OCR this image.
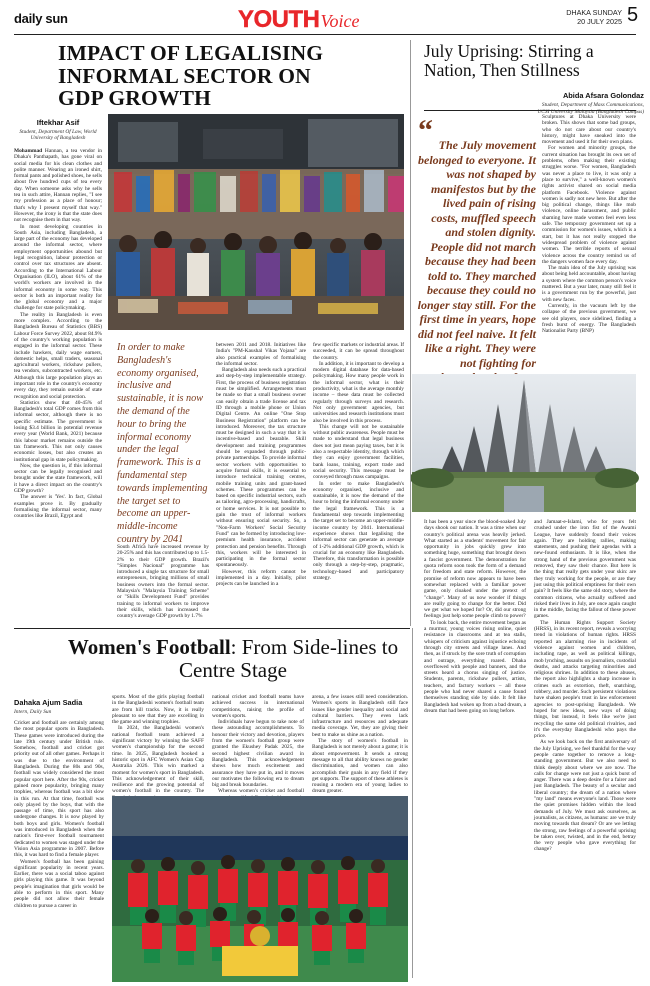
daily sun	YOUTHVoice	DHAKA SUNDAY
20 JULY 2025 5
IMPACT OF LEGALISING INFORMAL SECTOR ON GDP GROWTH
Iftekhar Asif
Student, Department Of Law, World University of Bangladesh
Mohammad Hannan, a tea vendor in Dhaka's Panthapath, has gone viral on social media for his clean clothes and polite manner. Wearing an ironed shirt, formal pants and polished shoes, he sells about five hundred cups of tea every day. When someone asks why he sells tea in such attire, Hannan replies, "I see my profession as a place of honour; that's why I present myself that way." However, the irony is that the state does not recognise them in that way.

In most developing countries in South Asia, including Bangladesh, a large part of the economy has developed around the informal sector, where employment opportunities abound but legal recognition, labour protection or control over tax structures are absent. According to the International Labour Organisation (ILO), about 61% of the world's workers are involved in the informal economy in some way. This sector is both an important reality for the global economy and a major challenge for state policymaking.

The reality in Bangladesh is even more complex. According to the Bangladesh Bureau of Statistics (BBS) Labour Force Survey 2022, about 84.9% of the country's working population is engaged in the informal sector. These include hawkers, daily wage earners, domestic helps, small traders, seasonal agricultural workers, rickshaw pullers, tea vendors, subcontracted workers, etc. Although this large population plays an important role in the country's economy every day, they remain outside of state recognition and social protection.

Statistics show that 40-45% of Bangladesh's total GDP comes from this informal sector, although there is no specific estimate. The government is losing $3.4 billion in potential revenue every year (World Bank, 2021) because this labour market remains outside the tax framework. This not only causes economic losses, but also creates an institutional gap in state policymaking.

Now, the question is, if this informal sector can be legally recognised and brought under the state framework, will it have a direct impact on the country's GDP growth?

The answer is 'Yes'. In fact, Global examples prove it. By gradually formalising the informal sector, many countries like Brazil, Egypt and

In order to make Bangladesh's economy organised, inclusive and sustainable, it is now the demand of the hour to bring the informal economy under the legal framework. This is a fundamental step towards implementing the target set to become an upper-middle-income country by 2041
South Africa have increased revenue by 20-25% and this has contributed up to 1.5-2% to their GDP growth. Brazil's "Simples Nacional" programme has introduced a single tax structure for small entrepreneurs, bringing millions of small business owners into the formal sector. Malaysia's "Malaysia Training Scheme" or "Skills Development Fund" provides training to informal workers to improve their skills, which has increased the country's average GDP growth by 1.7%
between 2011 and 2018. Initiatives like India's "PM-Kaushal Vikas Yojana" are also practical examples of formalising the informal sector.

Bangladesh also needs such a practical and step-by-step implementable strategy. First, the process of business registration must be simplified. Arrangements must be made so that a small business owner can easily obtain a trade license and tax ID through a mobile phone or Union Digital Centre. An online "One Stop Business Registration" platform can be introduced. Moreover, the tax structure must be designed in such a way that it is incentive-based and bearable. Skill development and training programmes should be expanded through public-private partnerships. To provide informal sector workers with opportunities to acquire formal skills, it is essential to introduce technical training centres, mobile training units and grant-based schemes. These programmes can be based on specific industrial sectors, such as tailoring, agro-processing, handicrafts, or home services. It is not possible to gain the trust of informal workers without ensuring social security. So, a "Non-Farm Workers' Social Security Fund" can be formed by introducing low-premium health insurance, accident protection and pension benefits. Through this, workers will be interested in participating in the formal sector spontaneously.

However, this reform cannot be implemented in a day. Initially, pilot projects can be launched in a

few specific markets or industrial areas. If succeeded, it can be spread throughout the country.

In addition, it is important to develop a modern digital database for data-based policymaking. How many people work in the informal sector, what is their productivity, what is the average monthly income – these data must be collected regularly through surveys and research. Not only government agencies, but universities and research institutions must also be involved in this process.

This change will not be sustainable without public awareness. People must be made to understand that legal business does not just mean paying taxes, but it is also a respectable identity, through which they can enjoy government facilities, bank loans, training, export trade and social security. This message must be conveyed through mass campaigns.

In order to make Bangladesh's economy organised, inclusive and sustainable, it is now the demand of the hour to bring the informal economy under the legal framework. This is a fundamental step towards implementing the target set to become an upper-middle-income country by 2041. International experience shows that legalising the informal sector can generate an average of 1-2% additional GDP growth, which is crucial for an economy like Bangladesh. Therefore, this transformation is possible only through a step-by-step, pragmatic, technology-based and participatory strategy.

July Uprising: Stirring a Nation, Then Stillness
Abida Afsara Golondaz
Student, Department of Mass Communications,
UCSI University Malaysia (Bangladesh Campus)
“ The July movement belonged to everyone. It was not shaped by manifestos but by the lived pain of rising costs, muffled speech and stolen dignity. People did not march because they had been told to. They marched because they could no longer stay still. For the first time in years, hope did not feel naive. It felt like a right. They were not fighting for
Sculptures at Dhaka University were broken. This shows that some bad groups, who do not care about our country's history, might have sneaked into the movement and used it for their own plans.

For women and minority groups, the current situation has brought its own set of problems, often making their existing struggles worse. "For women, Bangladesh was never a place to live, it was only a place to survive," a well-known women's rights activist shared on social media platform Facebook. Violence against women is sadly not new here. But after the big political change, things like mob violence, online harassment, and public shaming have made women feel even less safe. The temporary government set up a commission for women's issues, which is a start, but it has not really stopped the widespread problem of violence against women. The terrible reports of sexual violence across the country remind us of the dangers women face every day.

The main idea of the July uprising was about being held accountable, about having a system where the common person's voice mattered. But a year later, many still feel it is a government run by the powerful, just with new faces.

Currently, in the vacuum left by the collapse of the previous government, we see old players, once sidelined, finding a fresh burst of energy. The Bangladesh Nationalist Party (BNP)

It has been a year since the blood-soaked July days shook our nation. It was a time when our country's political arena was heavily jerked. What started as a students' movement for fair opportunity in jobs quickly grew into something huge, something that brought down a fascist government. The demonstration for quota reform soon took the form of a demand for freedom and state reform. However, the promise of reform now appears to have been somewhat replaced with a familiar power game, only cloaked under the pretext of "change". Many of us now wonder if things are really going to change for the better. Did we get what we hoped for? Or, did our strong feelings just help some people climb to power?

To look back, the entire movement began as a murmur, young voices rising online, quiet resistance in classrooms and at tea stalls, whispers of criticism against injustice echoing through city streets and village lanes. And then, as if struck by the sore truth of corruption and outrage, everything roared. Dhaka overflowed with people and banners, and the streets heard a chorus singing of justice. Students, parents, rickshaw pullers, artists, teachers, and factory workers – all those people who had never shared a cause found themselves standing side by side. It felt like Bangladesh had woken up from a bad dream, a dream that had been going on long before.

and Jamaat-e-Islami, who for years felt crushed under the iron fist of the Awami League, have suddenly found their voices again. They are holding rallies, making statements, and pushing their agendas with a new-found enthusiasm. It is like, when the strong hand of the previous government was removed, they saw their chance. But here is the thing that really gets under your skin: are they truly working for the people, or are they just using this political emptiness for their own gain? It feels like the same old story, where the common citizens, who actually suffered and risked their lives in July, are once again caught in the middle, facing the fallout of these power games.

The Human Rights Support Society (HRSS), in its recent report, reveals a worrying trend in violations of human rights. HRSS reported an alarming rise in incidents of violence against women and children, including rape, as well as political killings, mob lynching, assaults on journalists, custodial deaths, and attacks targeting minorities and religious shrines. In addition to these abuses, the report also highlights a sharp increase in crimes such as extortion, theft, snatching, robbery, and murder. Such persistent violations have shaken people's trust in law enforcement agencies to post-uprising Bangladesh. We hoped for new ideas, new ways of doing things, but instead, it feels like we're just recycling the same old political rivalries, and it's the everyday Bangladeshi who pays the price.

As we look back on the first anniversary of the July Uprising, we feel thankful for the way people came together to remove a long-standing government. But we also need to think deeply about where we are now. The calls for change were not just a quick burst of anger. There was a deep desire for a fairer and just Bangladesh. The beauty of a secular and liberal country; the dream of a nation where "my land" means everyone's land. Those were the quiet promises hidden within the loud demands of July. We must ask ourselves, as journalists, as citizens, as humans: are we truly moving towards that dream? Or are we letting the strong, raw feelings of a powerful uprising be taken over, twisted, and in the end, betray the very people who gave everything for change?

Women's Football: From Side-lines to Centre Stage
Dahaka Ajum Sadia
Intern, Daily Sun
Cricket and football are certainly among the most popular sports in Bangladesh. These games were introduced during the late 19th century under British rule. Somehow, football and cricket got priority out of all other games. Perhaps it was due to the environment of Bangladesh. During the 80s and 90s, football was widely considered the most popular sport here. After the 90s, cricket gained more popularity, bringing many trophies, whereas football was a bit slow in this run. At that time, football was only played by the boys, that with the passage of time, this sport has also undergone changes. It is now played by both boys and girls. Women's football was introduced in Bangladesh when the nation's first-ever football tournament dedicated to women was staged under the Vision Asia programme in 2007. Before this, it was hard to find a female player.

Women's football has been gaining significant popularity in recent years. Earlier, there was a social taboo against girls playing this game. It was beyond people's imagination that girls would be able to perform in this sport. Many people did not allow their female children to pursue a career in

sports. Most of the girls playing football in the Bangladeshi women's football team are from hill tracks. Now, it is really pleasant to see that they are excelling in the game and winning trophies.

In 2024, the Bangladeshi women's national football team achieved a significant victory by winning the SAFF women's championship for the second time. In 2025, Bangladesh booked a historic spot in AFC Women's Asian Cup Australia 2026. This win marked a moment for women's sport in Bangladesh. This acknowledgement of their skill, resilience and the growing potential of women's football in the country. The

national cricket and football teams have achieved success in international competitions, raising the profile of women's sports.

Individuals have begun to take note of these astounding accomplishments. To honour their victory and devotion, players from the women's football group were granted the Ekushey Padak 2025, the second highest civilian award in Bangladesh. This acknowledgement shows how much excitement and assurance they have put in, and it moves our motivates the following era to dream big and break boundaries.

Whereas women's cricket and football

arena, a few issues still need consideration. Women's sports in Bangladesh still face issues like gender inequality and social and cultural barriers. They even lack infrastructure and resources and adequate media coverage. Yet, they are giving their best to make us shine as a nation.

The story of women's football in Bangladesh is not merely about a game; it is about empowerment. It sends a strong message to all that ability knows no gender discrimination, and women can also accomplish their goals in any field if they get supports. The support of these athletes is rousing a modern era of young ladies to dream greater.
